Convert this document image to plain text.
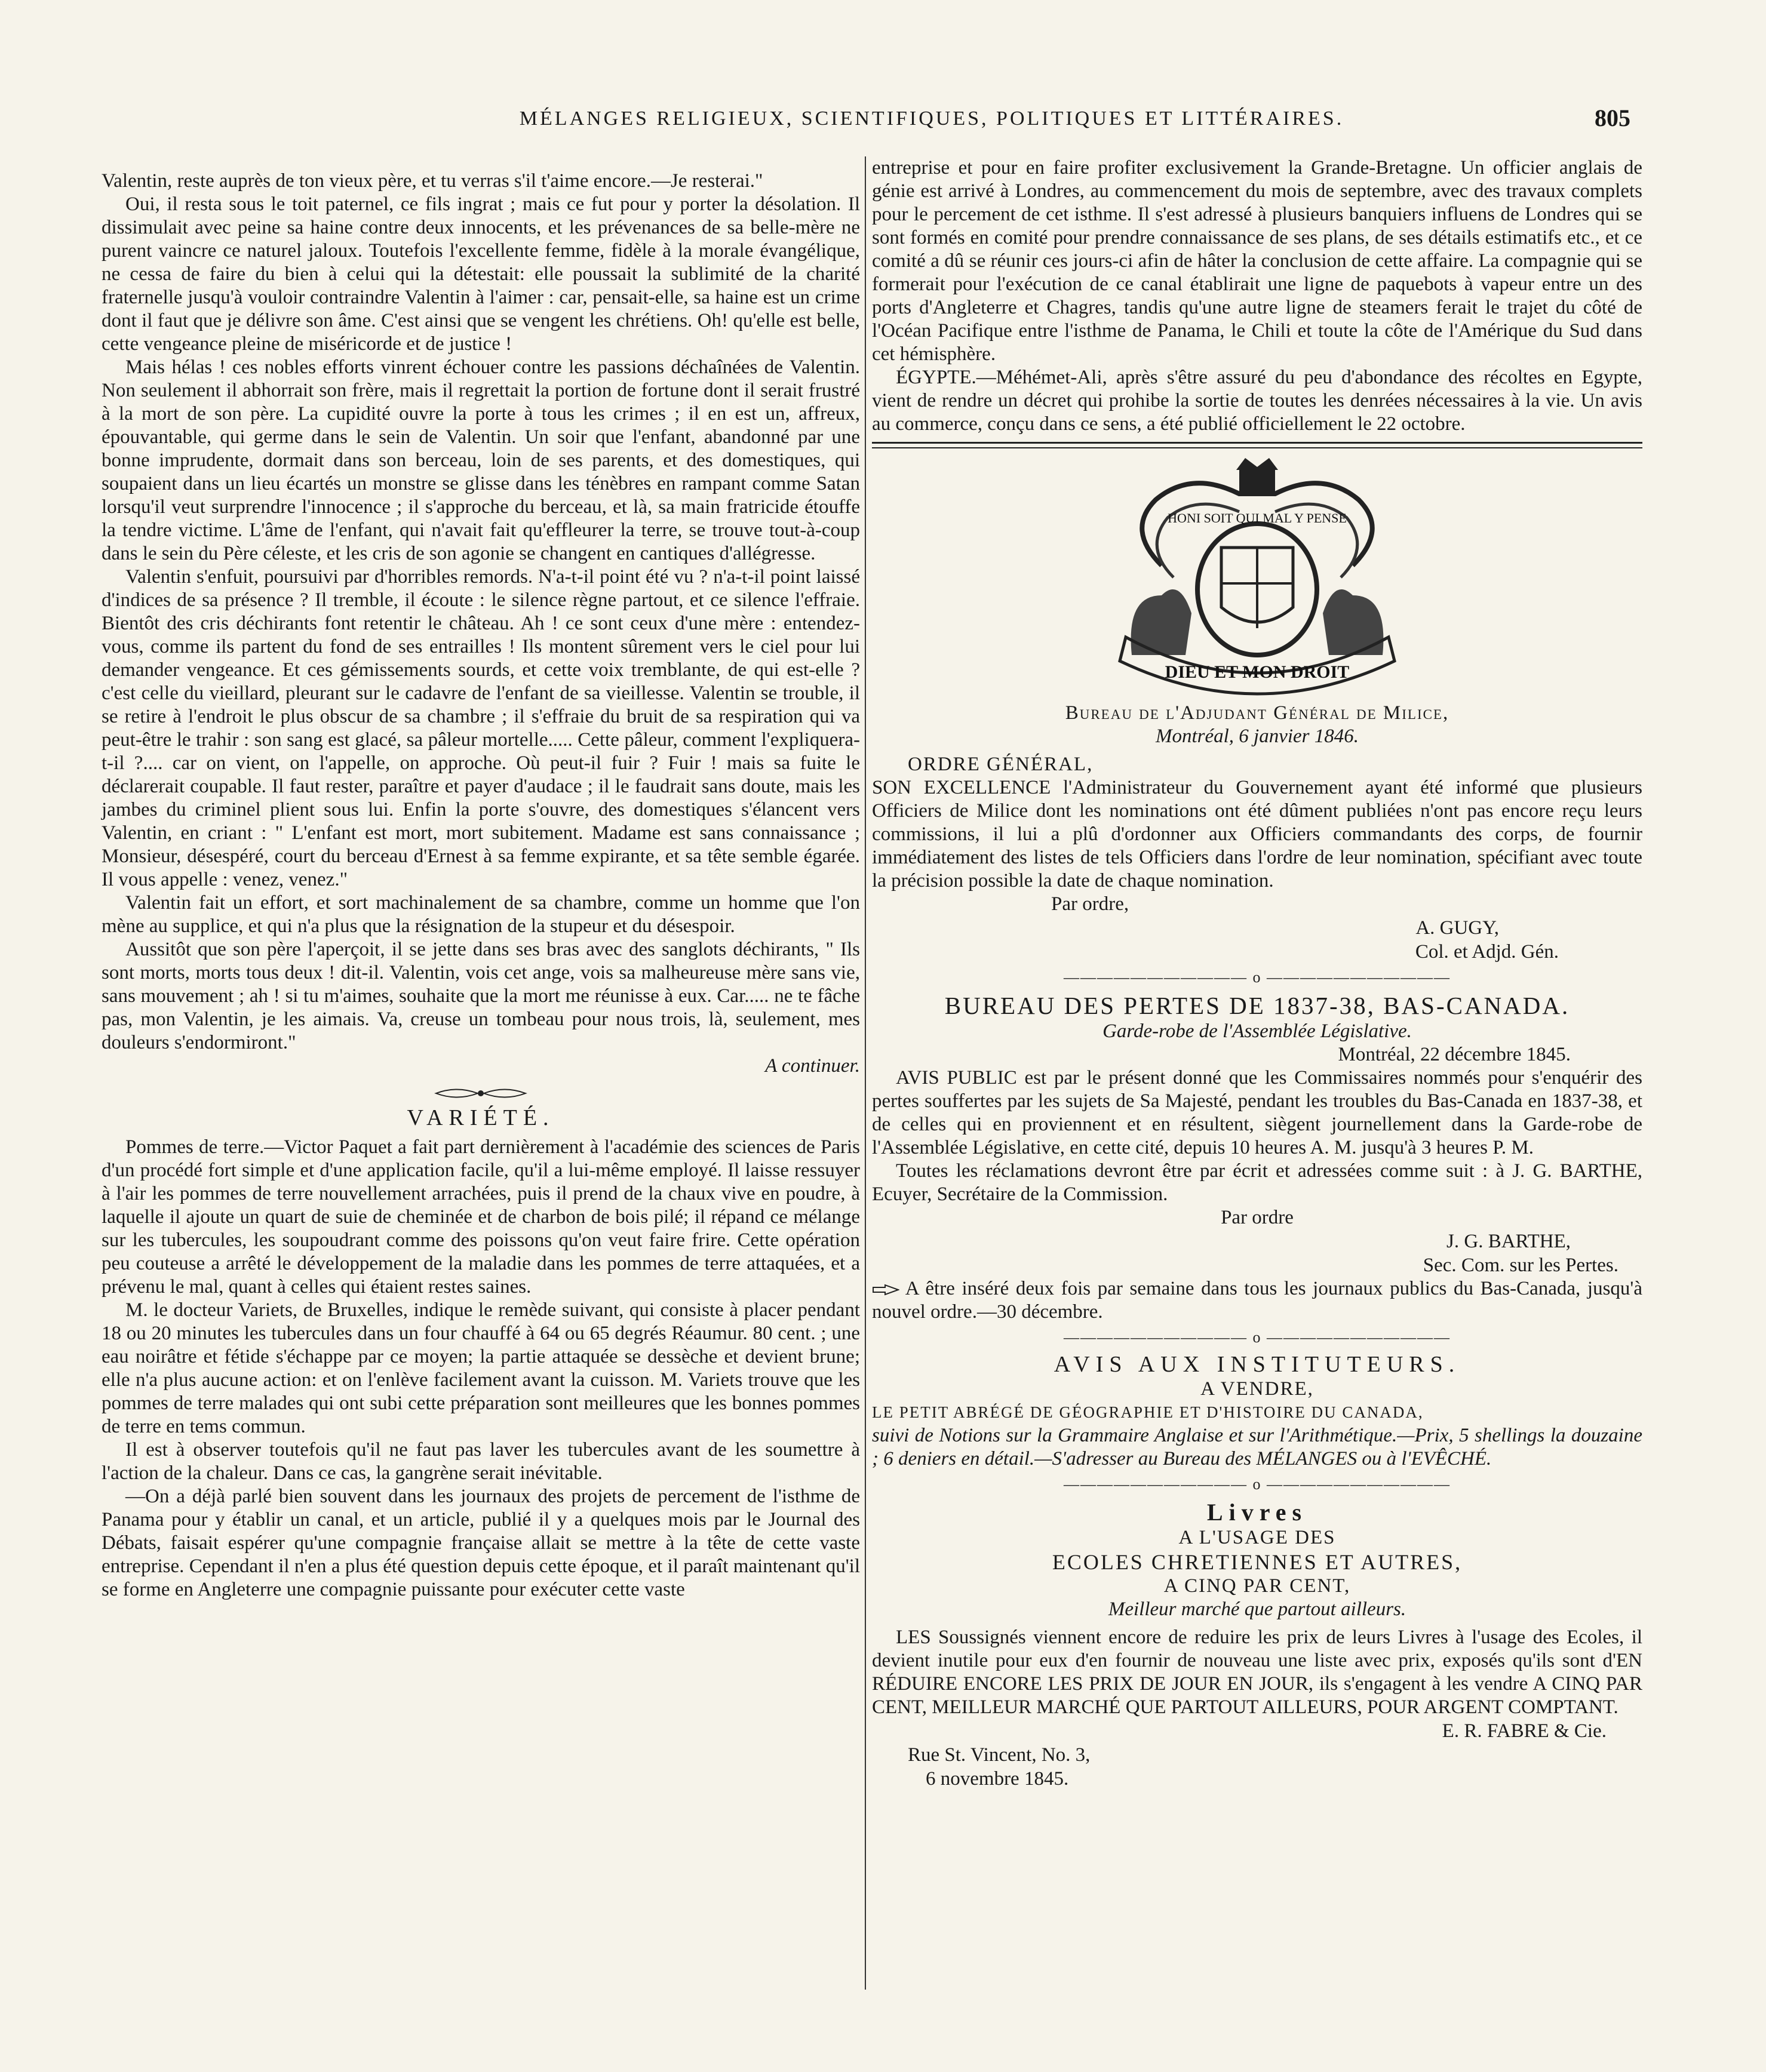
MÉLANGES RELIGIEUX, SCIENTIFIQUES, POLITIQUES ET LITTÉRAIRES.	805

Valentin, reste auprès de ton vieux père, et tu verras s'il t'aime encore.—Je resterai."

Oui, il resta sous le toit paternel, ce fils ingrat ; mais ce fut pour y porter la désolation. Il dissimulait avec peine sa haine contre deux innocents, et les prévenances de sa belle-mère ne purent vaincre ce naturel jaloux. Toutefois l'excellente femme, fidèle à la morale évangélique, ne cessa de faire du bien à celui qui la détestait: elle poussait la sublimité de la charité fraternelle jusqu'à vouloir contraindre Valentin à l'aimer : car, pensait-elle, sa haine est un crime dont il faut que je délivre son âme. C'est ainsi que se vengent les chrétiens. Oh! qu'elle est belle, cette vengeance pleine de miséricorde et de justice !

Mais hélas ! ces nobles efforts vinrent échouer contre les passions déchaînées de Valentin. Non seulement il abhorrait son frère, mais il regrettait la portion de fortune dont il serait frustré à la mort de son père. La cupidité ouvre la porte à tous les crimes ; il en est un, affreux, épouvantable, qui germe dans le sein de Valentin. Un soir que l'enfant, abandonné par une bonne imprudente, dormait dans son berceau, loin de ses parents, et des domestiques, qui soupaient dans un lieu écartés un monstre se glisse dans les ténèbres en rampant comme Satan lorsqu'il veut surprendre l'innocence ; il s'approche du berceau, et là, sa main fratricide étouffe la tendre victime. L'âme de l'enfant, qui n'avait fait qu'effleurer la terre, se trouve tout-à-coup dans le sein du Père céleste, et les cris de son agonie se changent en cantiques d'allégresse.

Valentin s'enfuit, poursuivi par d'horribles remords. N'a-t-il point été vu ? n'a-t-il point laissé d'indices de sa présence ? Il tremble, il écoute : le silence règne partout, et ce silence l'effraie. Bientôt des cris déchirants font retentir le château. Ah ! ce sont ceux d'une mère : entendez-vous, comme ils partent du fond de ses entrailles ! Ils montent sûrement vers le ciel pour lui demander vengeance. Et ces gémissements sourds, et cette voix tremblante, de qui est-elle ? c'est celle du vieillard, pleurant sur le cadavre de l'enfant de sa vieillesse. Valentin se trouble, il se retire à l'endroit le plus obscur de sa chambre ; il s'effraie du bruit de sa respiration qui va peut-être le trahir : son sang est glacé, sa pâleur mortelle..... Cette pâleur, comment l'expliquera-t-il ?.... car on vient, on l'appelle, on approche. Où peut-il fuir ? Fuir ! mais sa fuite le déclarerait coupable. Il faut rester, paraître et payer d'audace ; il le faudrait sans doute, mais les jambes du criminel plient sous lui. Enfin la porte s'ouvre, des domestiques s'élancent vers Valentin, en criant : " L'enfant est mort, mort subitement. Madame est sans connaissance ; Monsieur, désespéré, court du berceau d'Ernest à sa femme expirante, et sa tête semble égarée. Il vous appelle : venez, venez."

Valentin fait un effort, et sort machinalement de sa chambre, comme un homme que l'on mène au supplice, et qui n'a plus que la résignation de la stupeur et du désespoir.

Aussitôt que son père l'aperçoit, il se jette dans ses bras avec des sanglots déchirants, " Ils sont morts, morts tous deux ! dit-il. Valentin, vois cet ange, vois sa malheureuse mère sans vie, sans mouvement ; ah ! si tu m'aimes, souhaite que la mort me réunisse à eux. Car..... ne te fâche pas, mon Valentin, je les aimais. Va, creuse un tombeau pour nous trois, là, seulement, mes douleurs s'endormiront."

A continuer.

VARIÉTÉ.

Pommes de terre.—Victor Paquet a fait part dernièrement à l'académie des sciences de Paris d'un procédé fort simple et d'une application facile, qu'il a lui-même employé. Il laisse ressuyer à l'air les pommes de terre nouvellement arrachées, puis il prend de la chaux vive en poudre, à laquelle il ajoute un quart de suie de cheminée et de charbon de bois pilé; il répand ce mélange sur les tubercules, les soupoudrant comme des poissons qu'on veut faire frire. Cette opération peu couteuse a arrêté le développement de la maladie dans les pommes de terre attaquées, et a prévenu le mal, quant à celles qui étaient restes saines.

M. le docteur Variets, de Bruxelles, indique le remède suivant, qui consiste à placer pendant 18 ou 20 minutes les tubercules dans un four chauffé à 64 ou 65 degrés Réaumur. 80 cent. ; une eau noirâtre et fétide s'échappe par ce moyen; la partie attaquée se dessèche et devient brune; elle n'a plus aucune action: et on l'enlève facilement avant la cuisson. M. Variets trouve que les pommes de terre malades qui ont subi cette préparation sont meilleures que les bonnes pommes de terre en tems commun.

Il est à observer toutefois qu'il ne faut pas laver les tubercules avant de les soumettre à l'action de la chaleur. Dans ce cas, la gangrène serait inévitable.

—On a déjà parlé bien souvent dans les journaux des projets de percement de l'isthme de Panama pour y établir un canal, et un article, publié il y a quelques mois par le Journal des Débats, faisait espérer qu'une compagnie française allait se mettre à la tête de cette vaste entreprise. Cependant il n'en a plus été question depuis cette époque, et il paraît maintenant qu'il se forme en Angleterre une compagnie puissante pour exécuter cette vaste

entreprise et pour en faire profiter exclusivement la Grande-Bretagne. Un officier anglais de génie est arrivé à Londres, au commencement du mois de septembre, avec des travaux complets pour le percement de cet isthme. Il s'est adressé à plusieurs banquiers influens de Londres qui se sont formés en comité pour prendre connaissance de ses plans, de ses détails estimatifs etc., et ce comité a dû se réunir ces jours-ci afin de hâter la conclusion de cette affaire. La compagnie qui se formerait pour l'exécution de ce canal établirait une ligne de paquebots à vapeur entre un des ports d'Angleterre et Chagres, tandis qu'une autre ligne de steamers ferait le trajet du côté de l'Océan Pacifique entre l'isthme de Panama, le Chili et toute la côte de l'Amérique du Sud dans cet hémisphère.

ÉGYPTE.—Méhémet-Ali, après s'être assuré du peu d'abondance des récoltes en Egypte, vient de rendre un décret qui prohibe la sortie de toutes les denrées nécessaires à la vie. Un avis au commerce, conçu dans ce sens, a été publié officiellement le 22 octobre.

HONI SOIT QUI MAL Y PENSE
DIEU ET MON DROIT

Bureau de l'Adjudant Général de Milice,

Montréal, 6 janvier 1846.

ORDRE GÉNÉRAL,

SON EXCELLENCE l'Administrateur du Gouvernement ayant été informé que plusieurs Officiers de Milice dont les nominations ont été dûment publiées n'ont pas encore reçu leurs commissions, il lui a plû d'ordonner aux Officiers commandants des corps, de fournir immédiatement des listes de tels Officiers dans l'ordre de leur nomination, spécifiant avec toute la précision possible la date de chaque nomination.

Par ordre,

A. GUGY,

Col. et Adjd. Gén.

——————————— o ———————————

BUREAU DES PERTES DE 1837-38, BAS-CANADA.

Garde-robe de l'Assemblée Législative.

Montréal, 22 décembre 1845.

AVIS PUBLIC est par le présent donné que les Commissaires nommés pour s'enquérir des pertes souffertes par les sujets de Sa Majesté, pendant les troubles du Bas-Canada en 1837-38, et de celles qui en proviennent et en résultent, siègent journellement dans la Garde-robe de l'Assemblée Législative, en cette cité, depuis 10 heures A. M. jusqu'à 3 heures P. M.

Toutes les réclamations devront être par écrit et adressées comme suit : à J. G. BARTHE, Ecuyer, Secrétaire de la Commission.

Par ordre

J. G. BARTHE,

Sec. Com. sur les Pertes.

A être inséré deux fois par semaine dans tous les journaux publics du Bas-Canada, jusqu'à nouvel ordre.—30 décembre.

——————————— o ———————————

AVIS AUX INSTITUTEURS.

A VENDRE,

LE PETIT ABRÉGÉ DE GÉOGRAPHIE ET D'HISTOIRE DU CANADA,

suivi de Notions sur la Grammaire Anglaise et sur l'Arithmétique.—Prix, 5 shellings la douzaine ; 6 deniers en détail.—S'adresser au Bureau des MÉLANGES ou à l'EVÊCHÉ.

——————————— o ———————————

Livres

A L'USAGE DES

ECOLES CHRETIENNES ET AUTRES,

A CINQ PAR CENT,

Meilleur marché que partout ailleurs.

LES Soussignés viennent encore de reduire les prix de leurs Livres à l'usage des Ecoles, il devient inutile pour eux d'en fournir de nouveau une liste avec prix, exposés qu'ils sont d'EN RÉDUIRE ENCORE LES PRIX DE JOUR EN JOUR, ils s'engagent à les vendre A CINQ PAR CENT, MEILLEUR MARCHÉ QUE PARTOUT AILLEURS, POUR ARGENT COMPTANT.

E. R. FABRE & Cie.

Rue St. Vincent, No. 3,

6 novembre 1845.
